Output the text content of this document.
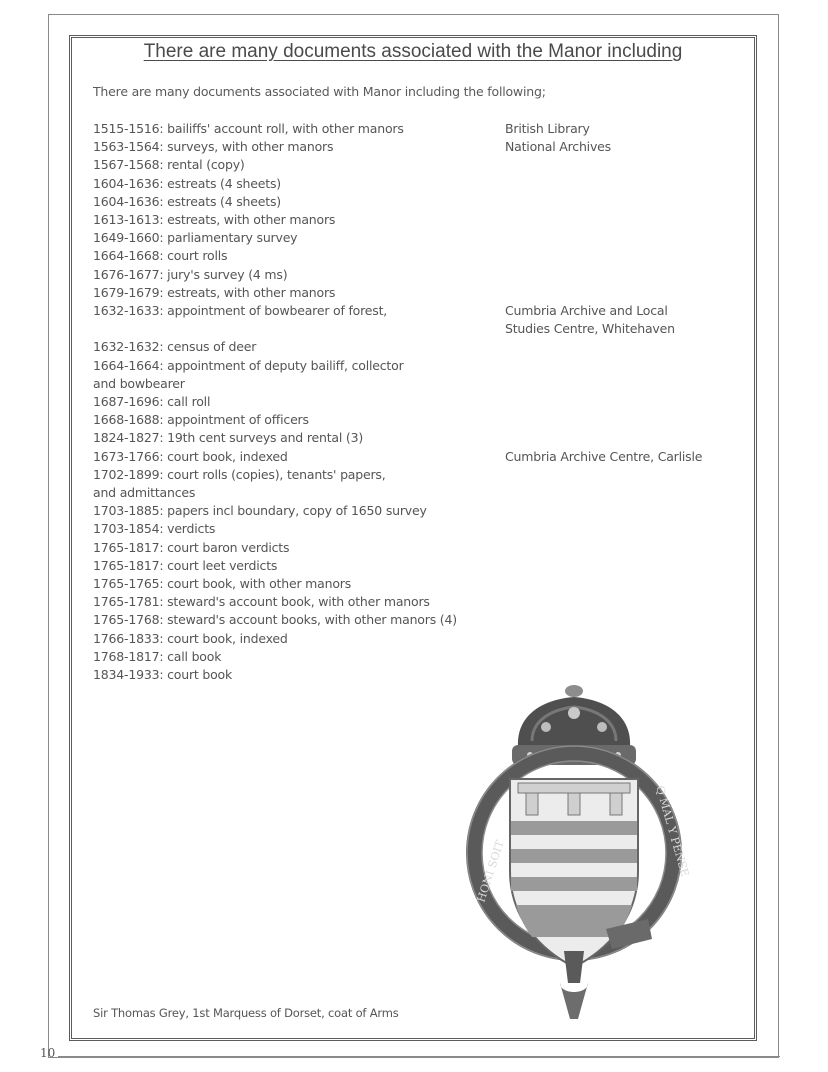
There are many documents associated with the Manor including
There are many documents associated with Manor including the following;
1515-1516: bailiffs' account roll, with other manors	British Library
1563-1564: surveys, with other manors	National Archives
1567-1568: rental (copy)
1604-1636: estreats (4 sheets)
1604-1636: estreats (4 sheets)
1613-1613: estreats, with other manors
1649-1660: parliamentary survey
1664-1668: court rolls
1676-1677: jury's survey (4 ms)
1679-1679: estreats, with other manors
1632-1633: appointment of bowbearer of forest,	Cumbria Archive and Local
Studies Centre, Whitehaven
1632-1632: census of deer
1664-1664: appointment of deputy bailiff, collector
and bowbearer
1687-1696: call roll
1668-1688: appointment of officers
1824-1827: 19th cent surveys and rental (3)
1673-1766: court book, indexed	Cumbria Archive Centre, Carlisle
1702-1899: court rolls (copies), tenants' papers,
and admittances
1703-1885: papers incl boundary, copy of 1650 survey
1703-1854: verdicts
1765-1817: court baron verdicts
1765-1817: court leet verdicts
1765-1765: court book, with other manors
1765-1781: steward's account book, with other manors
1765-1768: steward's account books, with other manors (4)
1766-1833: court book, indexed
1768-1817: call book
1834-1933: court book
HONI SOIT	Q MAL Y PENSE
Sir Thomas Grey, 1st Marquess of Dorset, coat of Arms
10
